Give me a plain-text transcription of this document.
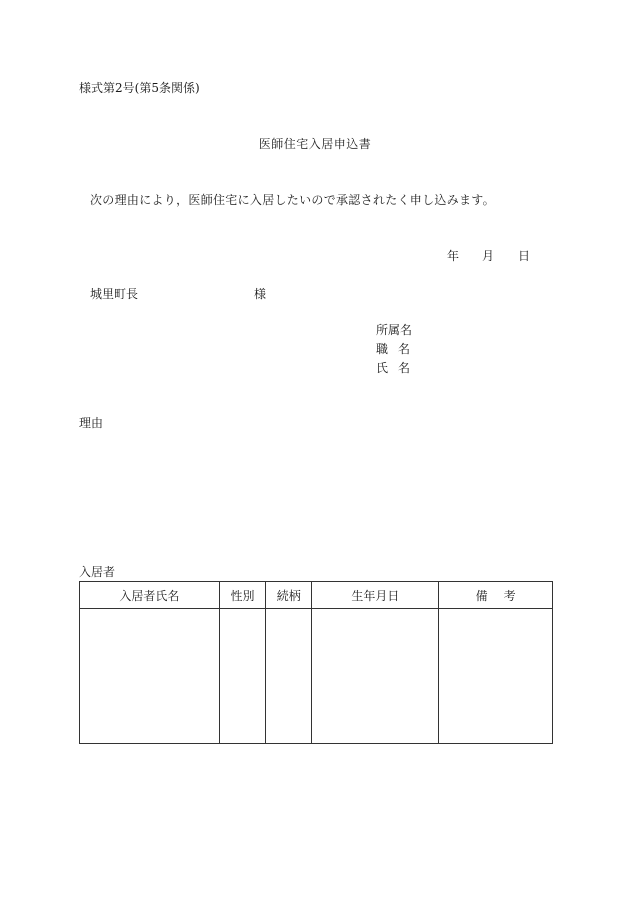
様式第2号(第5条関係)
医師住宅入居申込書
次の理由により，医師住宅に入居したいので承認されたく申し込みます。
年 月 日
城里町長	様
所属名
職名
氏名
理由
入居者
入居者氏名	性別	続柄	生年月日	備考
